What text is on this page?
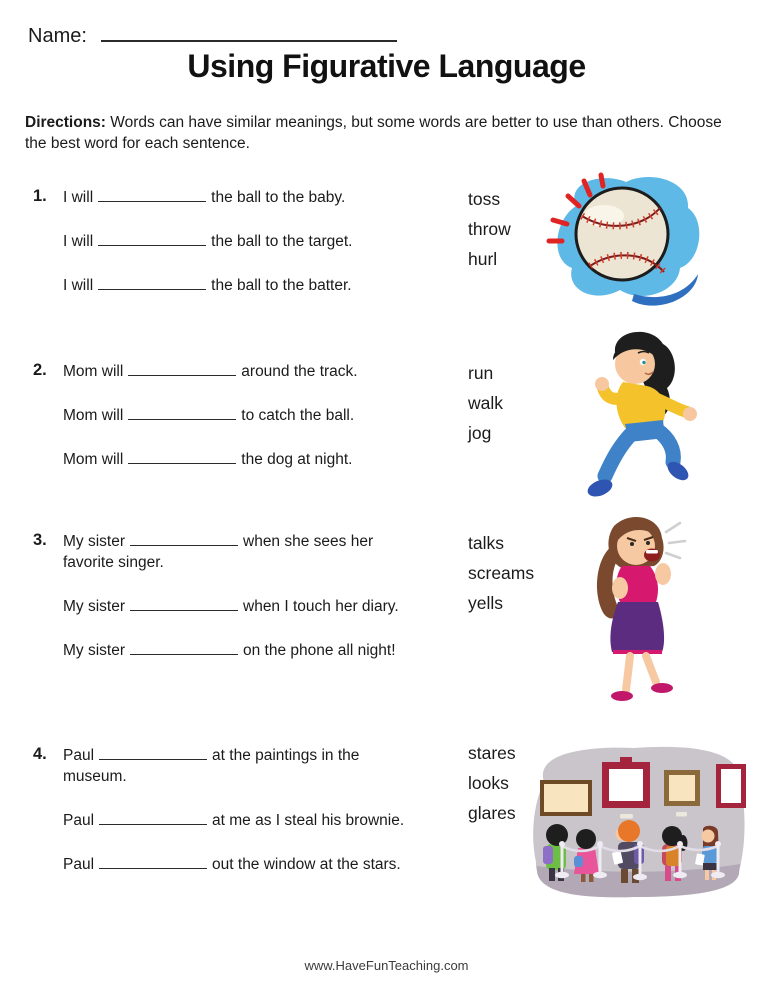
Name:
Using Figurative Language
Directions: Words can have similar meanings, but some words are better to use than others. Choose the best word for each sentence.
1. I will	the ball to the baby.

I will	the ball to the target.

I will	the ball to the batter.

toss
throw
hurl
2. Mom will	around the track.

Mom will	to catch the ball.

Mom will	the dog at night.

run
walk
jog
3. My sister	when she sees her
favorite singer.

My sister	when I touch her diary.

My sister	on the phone all night!

talks
screams
yells
4. Paul	at the paintings in the
museum.

Paul	at me as I steal his brownie.

Paul	out the window at the stars.

stares
looks
glares
www.HaveFunTeaching.com
